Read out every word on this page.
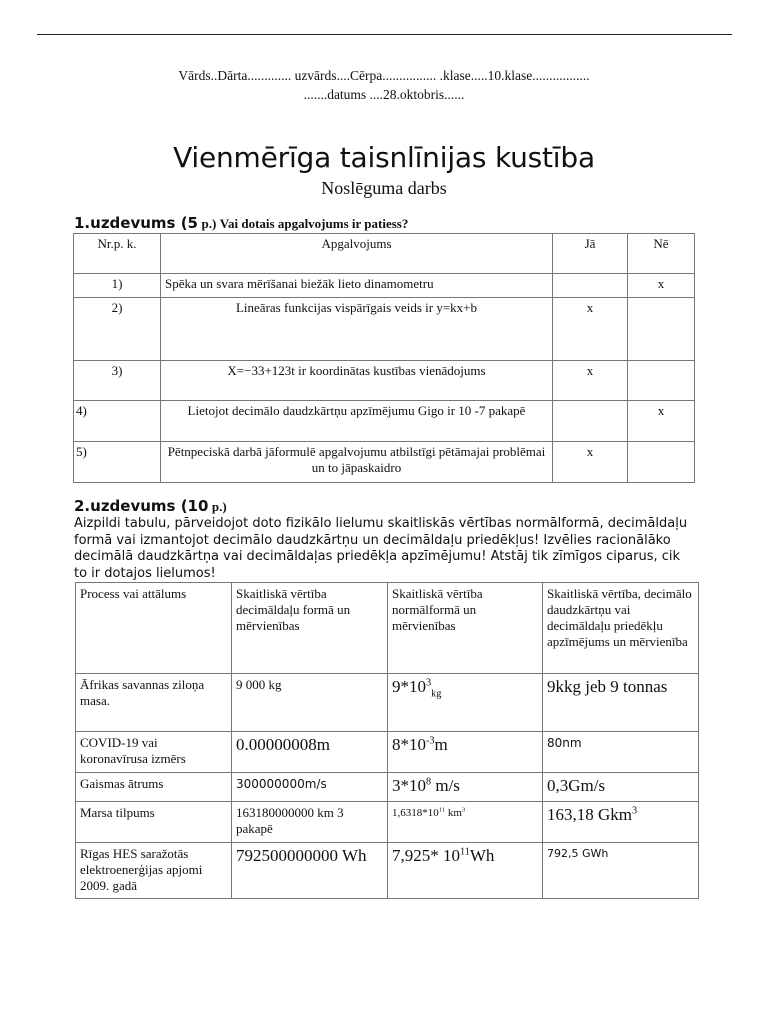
Vārds..Dārta............. uzvārds....Cērpa................ .klase.....10.klase.................
.......datums ....28.oktobris......
Vienmērīga taisnlīnijas kustība
Noslēguma darbs
1.uzdevums (5 p.) Vai dotais apgalvojums ir patiess?
Nr.p. k.	Apgalvojums	Jā	Nē
1)	Spēka un svara mērīšanai biežāk lieto dinamometru		x
2)	Lineāras funkcijas vispārīgais veids ir y=kx+b	x	
3)	X=−33+123t ir koordinātas kustības vienādojums	x	
4)	Lietojot decimālo daudzkārtņu apzīmējumu Gigo ir 10 -7 pakapē		x
5)	Pētnpeciskā darbā jāformulē apgalvojumu atbilstīgi pētāmajai problēmai un to jāpaskaidro	x	
2.uzdevums (10 p.)
Aizpildi tabulu, pārveidojot doto fizikālo lielumu skaitliskās vērtības normālformā, decimāldaļu formā vai izmantojot decimālo daudzkārtņu un decimāldaļu priedēkļus! Izvēlies racionālāko decimālā daudzkārtņa vai decimāldaļas priedēkļa apzīmējumu! Atstāj tik zīmīgos ciparus, cik to ir dotajos lielumos!
Process vai attālums	Skaitliskā vērtība decimāldaļu formā un mērvienības	Skaitliskā vērtība normālformā un mērvienības	Skaitliskā vērtība, decimālo daudzkārtņu vai decimāldaļu priedēkļu apzīmējums un mērvienība
Āfrikas savannas ziloņa masa.	9 000 kg	$9*10^3_{kg}$	9kkg jeb 9 tonnas
COVID-19 vai koronavīrusa izmērs	0.00000008m	$8*10^{-3}m$	80nm
Gaismas ātrums	300000000m/s	$3*10^8$ m/s	0,3Gm/s
Marsa tilpums	163180000000 km 3 pakapē	$1,6318*10^{11}$ $km^3$	163,18 Gkm$^3$
Rīgas HES saražotās elektroenerģijas apjomi 2009. gadā	792500000000 Wh	7,925* $10^{11}Wh$	792,5 GWh
